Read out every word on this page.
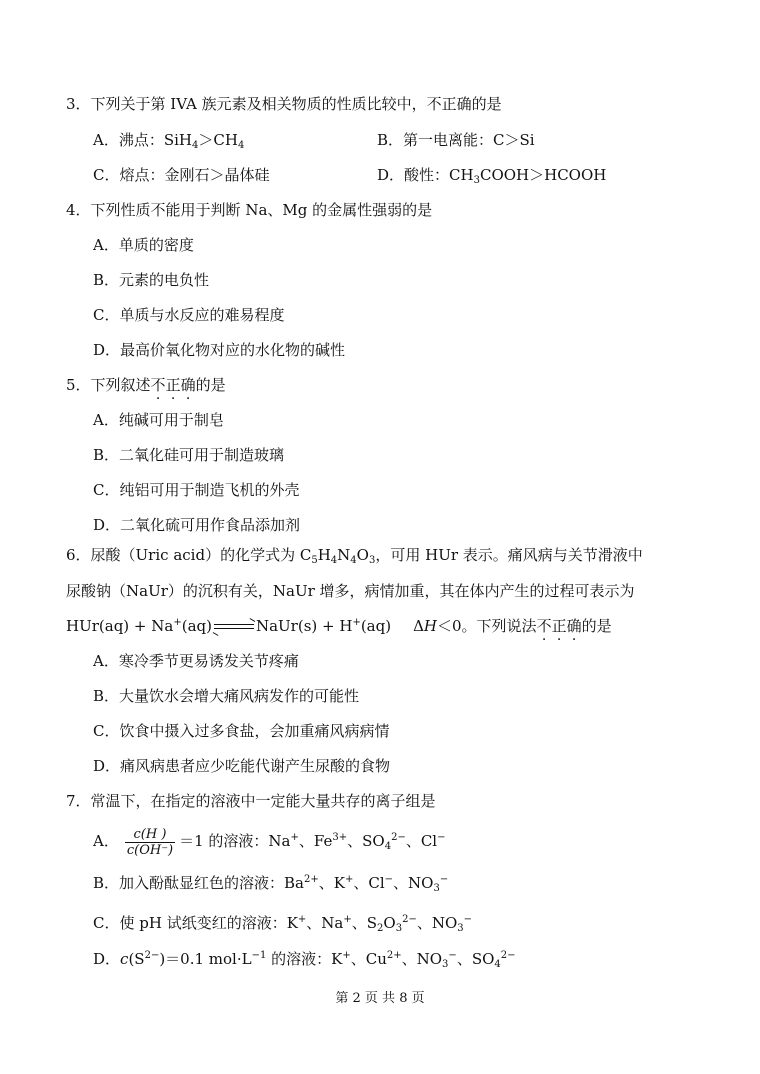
3．下列关于第 IVA 族元素及相关物质的性质比较中，不正确的是
A．沸点：$SiH_4>CH_4$	B．第一电离能：C＞Si
C．熔点：金刚石＞晶体硅	D．酸性：$CH_3COOH>HCOOH$
4．下列性质不能用于判断 Na、Mg 的金属性强弱的是
A．单质的密度
B．元素的电负性
C．单质与水反应的难易程度
D．最高价氧化物对应的水化物的碱性
5．下列叙述不正确的是
A．纯碱可用于制皂
B．二氧化硅可用于制造玻璃
C．纯铝可用于制造飞机的外壳
D．二氧化硫可用作食品添加剂
6．尿酸（Uric acid）的化学式为 $C_5H_4N_4O_3$，可用 HUr 表示。痛风病与关节滑液中
尿酸钠（NaUr）的沉积有关，NaUr 增多，病情加重，其在体内产生的过程可表示为
HUr(aq) + Na+(aq)	NaUr(s) + H+(aq) ΔH＜0。下列说法不正确的是
A．寒冷季节更易诱发关节疼痛
B．大量饮水会增大痛风病发作的可能性
C．饮食中摄入过多食盐，会加重痛风病病情
D．痛风病患者应少吃能代谢产生尿酸的食物
7．常温下，在指定的溶液中一定能大量共存的离子组是
A． $\frac{c(H )}{c(OH^-)} =1$ 的溶液：Na+、$Fe^{3+}$、$SO_4^{2-}$、Cl−
B．加入酚酞显红色的溶液：$Ba^{2+}$、K+、Cl−、$NO_3^-$
C．使 pH 试纸变红的溶液：K+、Na+、$S_2O_3^{2-}$、$NO_3^-$
D．$c(S^{2-})=0.1$ $mol\cdot L^{-1}$ 的溶液：K+、$Cu^{2+}$、$NO_3^-$、$SO_4^{2-}$
第 2 页 共 8 页
